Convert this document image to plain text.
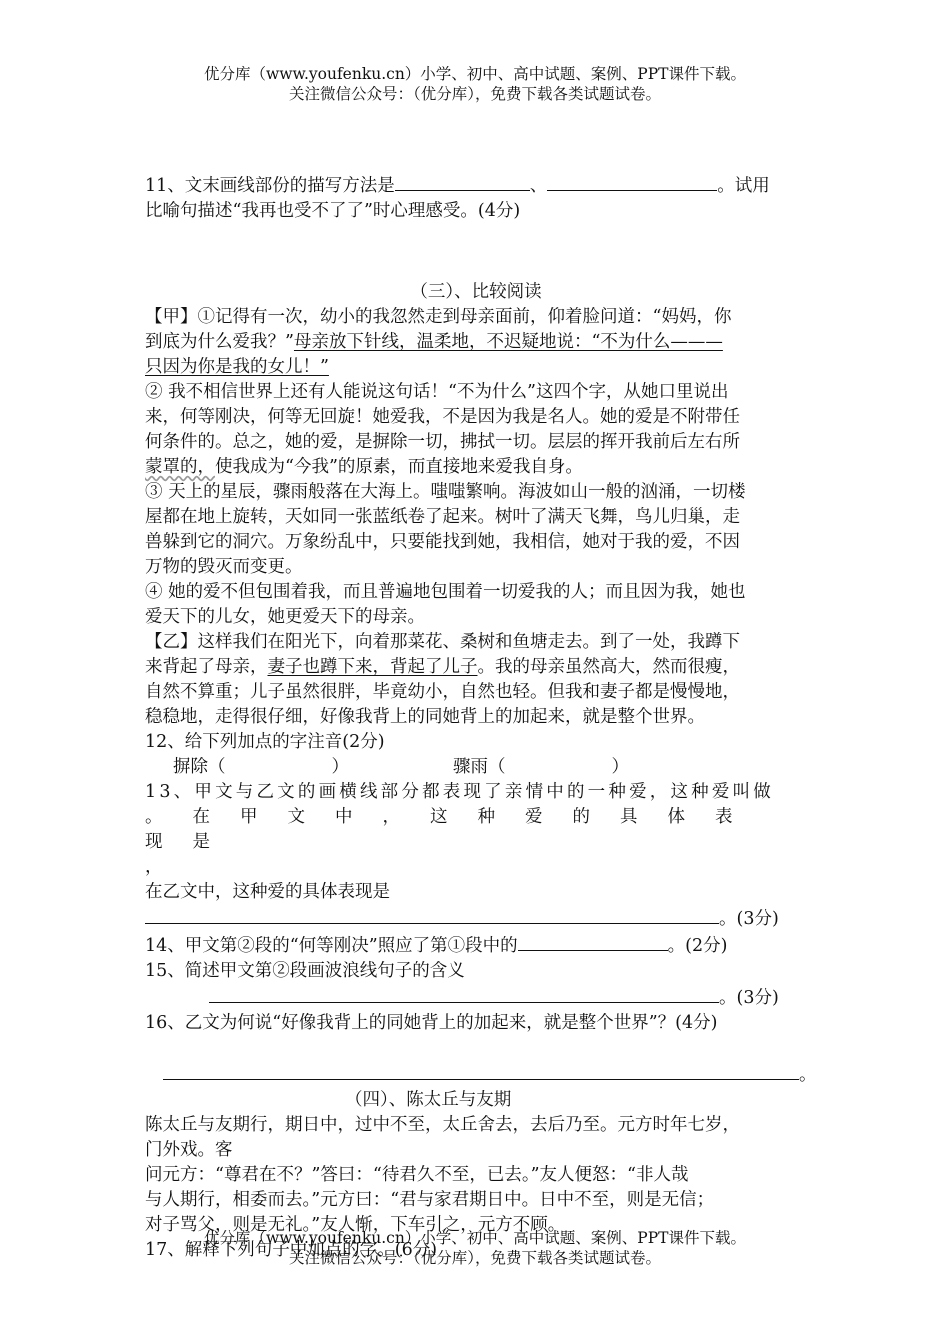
优分库（www.youfenku.cn）小学、初中、高中试题、案例、PPT课件下载。
关注微信公众号：（优分库），免费下载各类试题试卷。

11、文末画线部份的描写方法是	、	。试用

比喻句描述“我再也受不了了”时心理感受。(4分)

（三）、比较阅读

【甲】①记得有一次，幼小的我忽然走到母亲面前，仰着脸问道：“妈妈，你

到底为什么爱我？”母亲放下针线，温柔地，不迟疑地说：“不为什么———

只因为你是我的女儿！”

② 我不相信世界上还有人能说这句话！“不为什么”这四个字，从她口里说出

来，何等刚决，何等无回旋！她爱我，不是因为我是名人。她的爱是不附带任

何条件的。总之，她的爱，是摒除一切，拂拭一切。层层的挥开我前后左右所

蒙罩的，使我成为“今我”的原素，而直接地来爱我自身。

③ 天上的星辰，骤雨般落在大海上。嗤嗤繁响。海波如山一般的汹涌，一切楼

屋都在地上旋转，天如同一张蓝纸卷了起来。树叶了满天飞舞，鸟儿归巢，走

兽躲到它的洞穴。万象纷乱中，只要能找到她，我相信，她对于我的爱，不因

万物的毁灭而变更。

④ 她的爱不但包围着我，而且普遍地包围着一切爱我的人；而且因为我，她也

爱天下的儿女，她更爱天下的母亲。

【乙】这样我们在阳光下，向着那菜花、桑树和鱼塘走去。到了一处，我蹲下

来背起了母亲，妻子也蹲下来，背起了儿子。我的母亲虽然高大，然而很瘦，

自然不算重；儿子虽然很胖，毕竟幼小，自然也轻。但我和妻子都是慢慢地，

稳稳地，走得很仔细，好像我背上的同她背上的加起来，就是整个世界。

12、给下列加点的字注音(2分)

摒除（	）	骤雨（	）

13、甲文与乙文的画横线部分都表现了亲情中的一种爱，这种爱叫做

。在甲文中，这种爱的具体表现是

，

在乙文中，这种爱的具体表现是

。(3分)

14、甲文第②段的“何等刚决”照应了第①段中的	。(2分)

15、简述甲文第②段画波浪线句子的含义

。(3分)

16、乙文为何说“好像我背上的同她背上的加起来，就是整个世界”？(4分)

。

（四）、陈太丘与友期

陈太丘与友期行，期日中，过中不至，太丘舍去，去后乃至。元方时年七岁，

门外戏。客

问元方：“尊君在不？”答曰：“待君久不至，已去。”友人便怒：“非人哉

与人期行，相委而去。”元方曰：“君与家君期日中。日中不至，则是无信；

对子骂父，则是无礼。”友人惭，下车引之，元方不顾。

17、解释下列句子中加点的字。(6分)

优分库（www.youfenku.cn）小学、初中、高中试题、案例、PPT课件下载。
关注微信公众号：（优分库），免费下载各类试题试卷。
